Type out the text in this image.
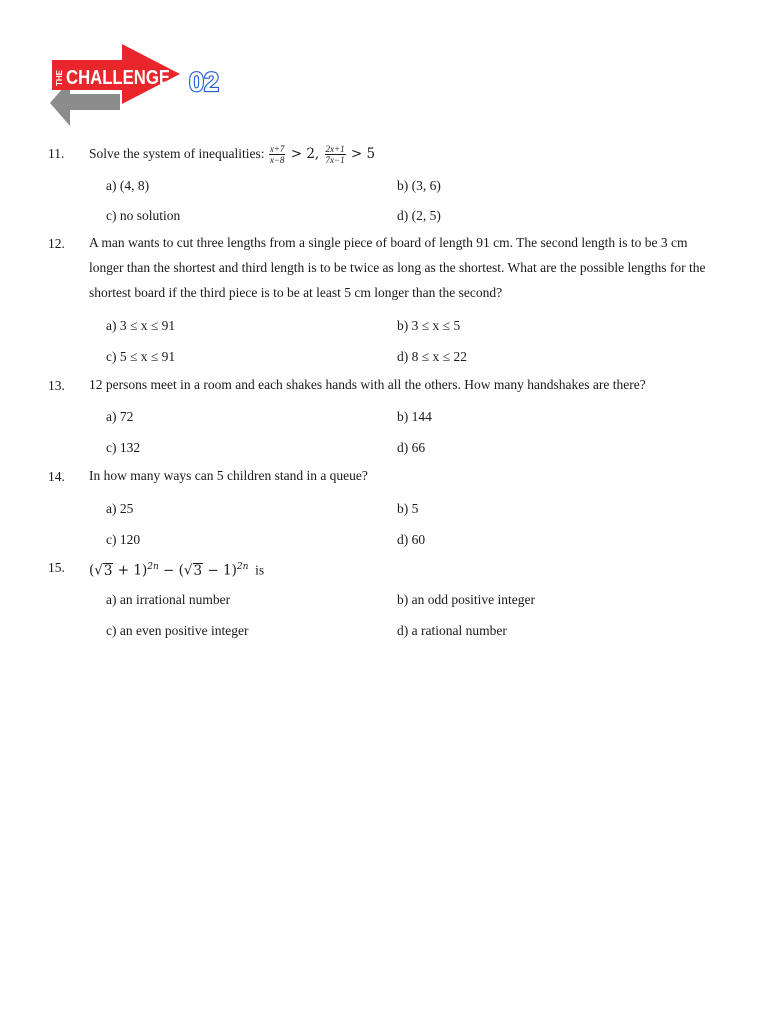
THE CHALLENGE 02
11. Solve the system of inequalities: $\frac{x+7}{x-8} > 2$, $\frac{2x+1}{7x-1} > 5$
a) (4, 8)	b) (3, 6)
c) no solution	d) (2, 5)
12. A man wants to cut three lengths from a single piece of board of length 91 cm. The second length is to be 3 cm longer than the shortest and third length is to be twice as long as the shortest. What are the possible lengths for the shortest board if the third piece is to be at least 5 cm longer than the second?
a) 3 ≤ x ≤ 91	b) 3 ≤ x ≤ 5
c) 5 ≤ x ≤ 91	d) 8 ≤ x ≤ 22
13. 12 persons meet in a room and each shakes hands with all the others. How many handshakes are there?
a) 72	b) 144
c) 132	d) 66
14. In how many ways can 5 children stand in a queue?
a) 25	b) 5
c) 120	d) 60
15. $(√3 + 1)^{2n} - (√3 - 1)^{2n}$  is
a) an irrational number	b) an odd positive integer
c) an even positive integer	d) a rational number
